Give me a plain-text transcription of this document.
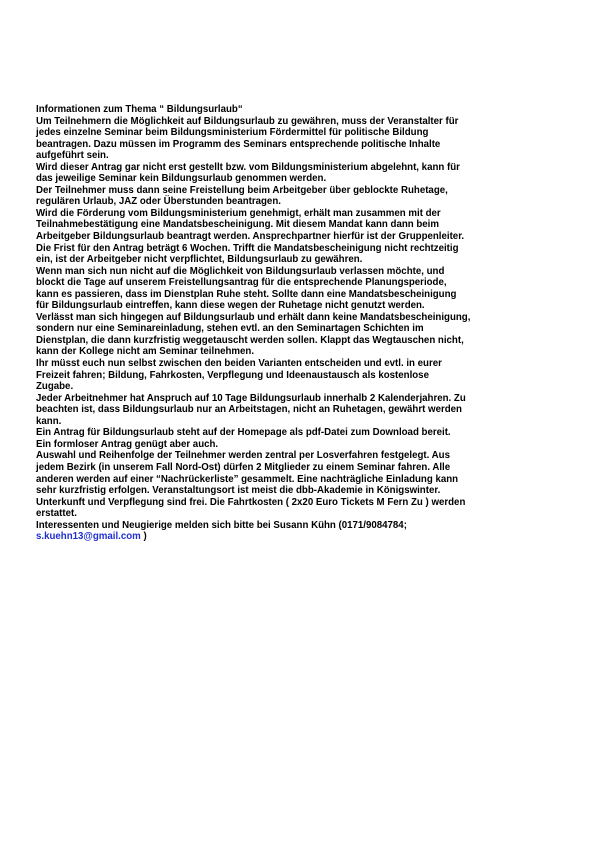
Informationen zum Thema “ Bildungsurlaub“
Um Teilnehmern die Möglichkeit auf Bildungsurlaub zu gewähren, muss der Veranstalter für
jedes einzelne Seminar beim Bildungsministerium Fördermittel für politische Bildung
beantragen. Dazu müssen im Programm des Seminars entsprechende politische Inhalte
aufgeführt sein.
Wird dieser Antrag gar nicht erst gestellt bzw. vom Bildungsministerium abgelehnt, kann für
das jeweilige Seminar kein Bildungsurlaub genommen werden.
Der Teilnehmer muss dann seine Freistellung beim Arbeitgeber über geblockte Ruhetage,
regulären Urlaub, JAZ oder Überstunden beantragen.
Wird die Förderung vom Bildungsministerium genehmigt, erhält man zusammen mit der
Teilnahmebestätigung eine Mandatsbescheinigung. Mit diesem Mandat kann dann beim
Arbeitgeber Bildungsurlaub beantragt werden. Ansprechpartner hierfür ist der Gruppenleiter.
Die Frist für den Antrag beträgt 6 Wochen. Trifft die Mandatsbescheinigung nicht rechtzeitig
ein, ist der Arbeitgeber nicht verpflichtet, Bildungsurlaub zu gewähren.
Wenn man sich nun nicht auf die Möglichkeit von Bildungsurlaub verlassen möchte, und
blockt die Tage auf unserem Freistellungsantrag für die entsprechende Planungsperiode,
kann es passieren, dass im Dienstplan Ruhe steht. Sollte dann eine Mandatsbescheinigung
für Bildungsurlaub eintreffen, kann diese wegen der Ruhetage nicht genutzt werden.
Verlässt man sich hingegen auf Bildungsurlaub und erhält dann keine Mandatsbescheinigung,
sondern nur eine Seminareinladung, stehen evtl. an den Seminartagen Schichten im
Dienstplan, die dann kurzfristig weggetauscht werden sollen. Klappt das Wegtauschen nicht,
kann der Kollege nicht am Seminar teilnehmen.
Ihr müsst euch nun selbst zwischen den beiden Varianten entscheiden und evtl. in eurer
Freizeit fahren; Bildung, Fahrkosten, Verpflegung und Ideenaustausch als kostenlose
Zugabe.
Jeder Arbeitnehmer hat Anspruch auf 10 Tage Bildungsurlaub innerhalb 2 Kalenderjahren. Zu
beachten ist, dass Bildungsurlaub nur an Arbeitstagen, nicht an Ruhetagen, gewährt werden
kann.
Ein Antrag für Bildungsurlaub steht auf der Homepage als pdf-Datei zum Download bereit.
Ein formloser Antrag genügt aber auch.
Auswahl und Reihenfolge der Teilnehmer werden zentral per Losverfahren festgelegt. Aus
jedem Bezirk (in unserem Fall Nord-Ost) dürfen 2 Mitglieder zu einem Seminar fahren. Alle
anderen werden auf einer “Nachrückerliste” gesammelt. Eine nachträgliche Einladung kann
sehr kurzfristig erfolgen. Veranstaltungsort ist meist die dbb-Akademie in Königswinter.
Unterkunft und Verpflegung sind frei. Die Fahrtkosten ( 2x20 Euro Tickets M Fern Zu ) werden
erstattet.
Interessenten und Neugierige melden sich bitte bei Susann Kühn (0171/9084784;
s.kuehn13@gmail.com )
